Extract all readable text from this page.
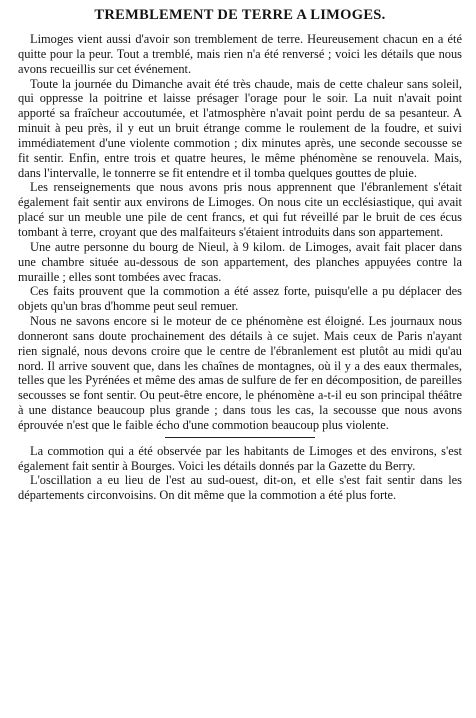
TREMBLEMENT DE TERRE A LIMOGES.

Limoges vient aussi d'avoir son tremblement de terre. Heureusement chacun en a été quitte pour la peur. Tout a tremblé, mais rien n'a été renversé ; voici les détails que nous avons recueillis sur cet événement.

Toute la journée du Dimanche avait été très chaude, mais de cette chaleur sans soleil, qui oppresse la poitrine et laisse présager l'orage pour le soir. La nuit n'avait point apporté sa fraîcheur accoutumée, et l'atmosphère n'avait point perdu de sa pesanteur. A minuit à peu près, il y eut un bruit étrange comme le roulement de la foudre, et suivi immédiatement d'une violente commotion ; dix minutes après, une seconde secousse se fit sentir. Enfin, entre trois et quatre heures, le même phénomène se renouvela. Mais, dans l'intervalle, le tonnerre se fit entendre et il tomba quelques gouttes de pluie.

Les renseignements que nous avons pris nous apprennent que l'ébranlement s'était également fait sentir aux environs de Limoges. On nous cite un ecclésiastique, qui avait placé sur un meuble une pile de cent francs, et qui fut réveillé par le bruit de ces écus tombant à terre, croyant que des malfaiteurs s'étaient introduits dans son appartement.

Une autre personne du bourg de Nieul, à 9 kilom. de Limoges, avait fait placer dans une chambre située au-dessous de son appartement, des planches appuyées contre la muraille ; elles sont tombées avec fracas.

Ces faits prouvent que la commotion a été assez forte, puisqu'elle a pu déplacer des objets qu'un bras d'homme peut seul remuer.

Nous ne savons encore si le moteur de ce phénomène est éloigné. Les journaux nous donneront sans doute prochainement des détails à ce sujet. Mais ceux de Paris n'ayant rien signalé, nous devons croire que le centre de l'ébranlement est plutôt au midi qu'au nord. Il arrive souvent que, dans les chaînes de montagnes, où il y a des eaux thermales, telles que les Pyrénées et même des amas de sulfure de fer en décomposition, de pareilles secousses se font sentir. Ou peut-être encore, le phénomène a-t-il eu son principal théâtre à une distance beaucoup plus grande ; dans tous les cas, la secousse que nous avons éprouvée n'est que le faible écho d'une commotion beaucoup plus violente.

La commotion qui a été observée par les habitants de Limoges et des environs, s'est également fait sentir à Bourges. Voici les détails donnés par la Gazette du Berry.

L'oscillation a eu lieu de l'est au sud-ouest, dit-on, et elle s'est fait sentir dans les départements circonvoisins. On dit même que la commotion a été plus forte.
